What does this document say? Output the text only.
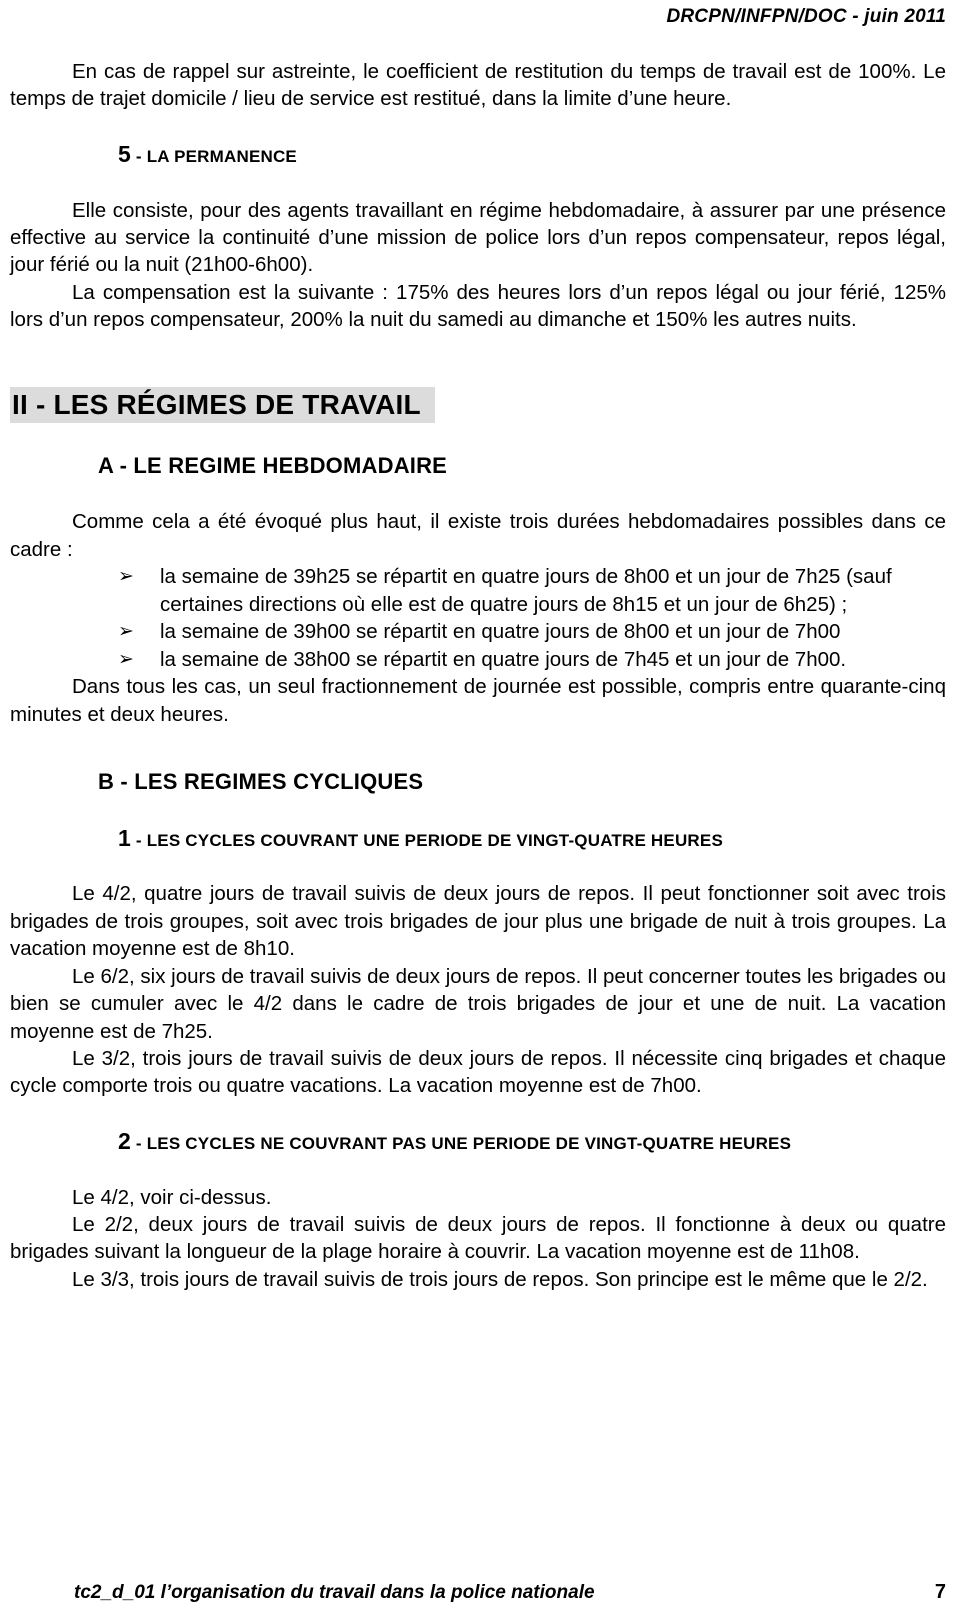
DRCPN/INFPN/DOC - juin 2011

En cas de rappel sur astreinte, le coefficient de restitution du temps de travail est de 100%. Le temps de trajet domicile / lieu de service est restitué, dans la limite d’une heure.

5 - LA PERMANENCE

Elle consiste, pour des agents travaillant en régime hebdomadaire, à assurer par une présence effective au service la continuité d’une mission de police lors d’un repos compensateur, repos légal, jour férié ou la nuit (21h00-6h00).

La compensation est la suivante : 175% des heures lors d’un repos légal ou jour férié, 125% lors d’un repos compensateur, 200% la nuit du samedi au dimanche et 150% les autres nuits.

II - LES RÉGIMES DE TRAVAIL
A - LE REGIME HEBDOMADAIRE

Comme cela a été évoqué plus haut, il existe trois durées hebdomadaires possibles dans ce cadre :

➢ la semaine de 39h25 se répartit en quatre jours de 8h00 et un jour de 7h25 (sauf certaines directions où elle est de quatre jours de 8h15 et un jour de 6h25) ;
➢ la semaine de 39h00 se répartit en quatre jours de 8h00 et un jour de 7h00
➢ la semaine de 38h00 se répartit en quatre jours de 7h45 et un jour de 7h00.

Dans tous les cas, un seul fractionnement de journée est possible, compris entre quarante-cinq minutes et deux heures.

B - LES REGIMES CYCLIQUES
1 - LES CYCLES COUVRANT UNE PERIODE DE VINGT-QUATRE HEURES

Le 4/2, quatre jours de travail suivis de deux jours de repos. Il peut fonctionner soit avec trois brigades de trois groupes, soit avec trois brigades de jour plus une brigade de nuit à trois groupes. La vacation moyenne est de 8h10.

Le 6/2, six jours de travail suivis de deux jours de repos. Il peut concerner toutes les brigades ou bien se cumuler avec le 4/2 dans le cadre de trois brigades de jour et une de nuit. La vacation moyenne est de 7h25.

Le 3/2, trois jours de travail suivis de deux jours de repos. Il nécessite cinq brigades et chaque cycle comporte trois ou quatre vacations. La vacation moyenne est de 7h00.

2 - LES CYCLES NE COUVRANT PAS UNE PERIODE DE VINGT-QUATRE HEURES

Le 4/2, voir ci-dessus.

Le 2/2, deux jours de travail suivis de deux jours de repos. Il fonctionne à deux ou quatre brigades suivant la longueur de la plage horaire à couvrir. La vacation moyenne est de 11h08.

Le 3/3, trois jours de travail suivis de trois jours de repos. Son principe est le même que le 2/2.

tc2_d_01 l’organisation du travail dans la police nationale	7
